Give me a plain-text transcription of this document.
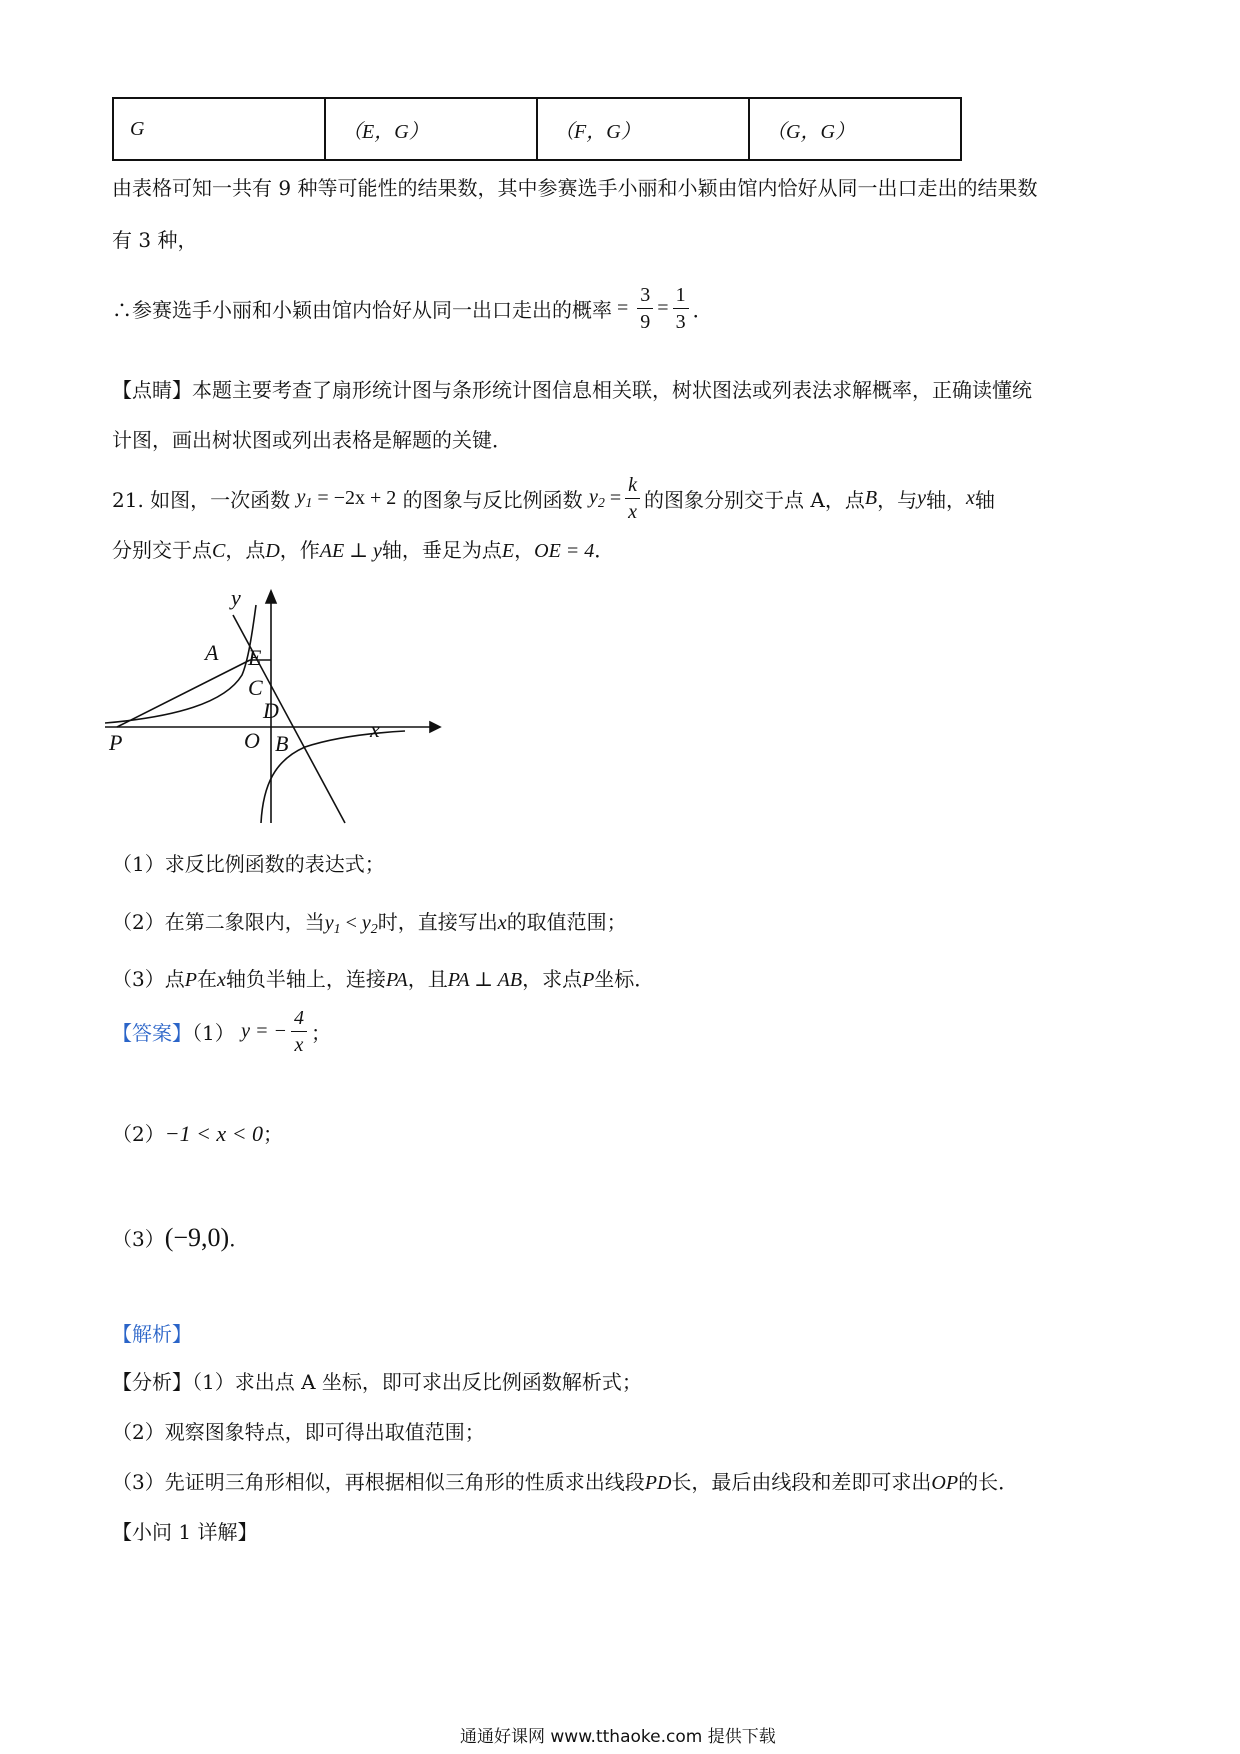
G	（E，G）	（F，G）	（G，G）
由表格可知一共有 9 种等可能性的结果数，其中参赛选手小丽和小颖由馆内恰好从同一出口走出的结果数
有 3 种，
∴参赛选手小丽和小颖由馆内恰好从同一出口走出的概率 = $\frac{3}{9} = \frac{1}{3}$ ．
【点睛】本题主要考查了扇形统计图与条形统计图信息相关联，树状图法或列表法求解概率，正确读懂统
计图，画出树状图或列出表格是解题的关键．
21. 如图，一次函数 $y_1 = -2x + 2$ 的图象与反比例函数 $y_2 = \frac{k}{x}$ 的图象分别交于点 A，点B，与y轴，x轴
分别交于点C，点D，作AE ⊥ y轴，垂足为点E，OE = 4．
y
x
A E
C
D
P	O B
（1）求反比例函数的表达式；
（2）在第二象限内，当$y_1 < y_2$时，直接写出x的取值范围；
（3）点P在x轴负半轴上，连接PA，且PA ⊥ AB，求点P坐标．
【答案】（1） y = − $\frac{4}{x}$ ；
（2）−1 < x < 0；
（3）(−9,0)．
【解析】
【分析】（1）求出点 A 坐标，即可求出反比例函数解析式；
（2）观察图象特点，即可得出取值范围；
（3）先证明三角形相似，再根据相似三角形的性质求出线段PD长，最后由线段和差即可求出OP的长．
【小问 1 详解】
通通好课网 www.tthaoke.com 提供下载
